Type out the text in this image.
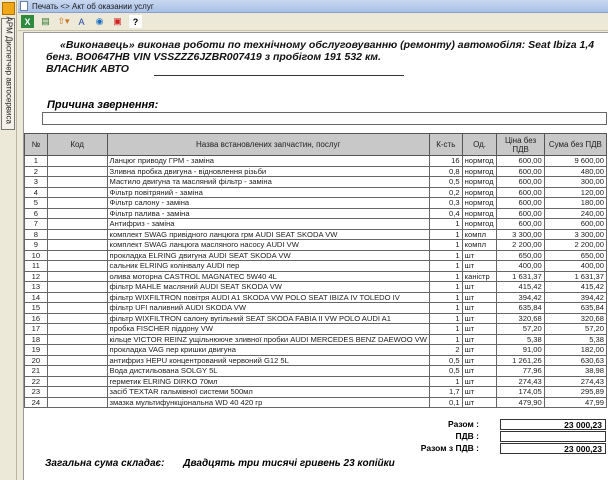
АРМ Диспетчер автосервиса
Печать <> Акт об оказании услуг
X	▤ ⇧▾ A	◉ ▣	?
«Виконавець» виконав роботи по технічному обслуговуванню (ремонту) автомобіля: Seat Ibiza 1,4
бенз. ВО0647НВ VIN VSSZZZ6JZBR007419 з пробігом 191 532 км.
ВЛАСНИК АВТО
Причина звернення:
№	Код	Назва встановлених запчастин, послуг	К-сть	Од.	Ціна без ПДВ	Сума без ПДВ
1		Ланцюг приводу ГРМ - заміна	16	нормгод	600,00	9 600,00
2		Зливна пробка двигуна - відновлення різьби	0,8	нормгод	600,00	480,00
3		Мастило двигуна та масляний фільтр - заміна	0,5	нормгод	600,00	300,00
4		Фільтр повітряний - заміна	0,2	нормгод	600,00	120,00
5		Фільтр салону - заміна	0,3	нормгод	600,00	180,00
6		Фільтр палива - заміна	0,4	нормгод	600,00	240,00
7		Антифриз - заміна	1	нормгод	600,00	600,00
8		комплект SWAG привідного ланцюга грм AUDI SEAT SKODA VW	1	компл	3 300,00	3 300,00
9		комплект SWAG ланцюга масляного насосу AUDI VW	1	компл	2 200,00	2 200,00
10		прокладка ELRING двигуна AUDI SEAT SKODA VW	1	шт	650,00	650,00
11		сальник ELRING колінвалу AUDI пер	1	шт	400,00	400,00
12		олива моторна CASTROL MAGNATEC 5W40 4L	1	каністр	1 631,37	1 631,37
13		фільтр MAHLE масляний AUDI SEAT SKODA VW	1	шт	415,42	415,42
14		фільтр WIXFILTRON повітря AUDI A1 SKODA VW POLO SEAT IBIZA IV TOLEDO IV	1	шт	394,42	394,42
15		фільтр UFI паливний AUDI SKODA VW	1	шт	635,84	635,84
16		фільтр WIXFILTRON салону вугільний SEAT SKODA FABIA II VW POLO AUDI A1	1	шт	320,68	320,68
17		пробка FISCHER піддону VW	1	шт	57,20	57,20
18		кільце VICTOR REINZ ущільнююче зливної пробки AUDI MERCEDES BENZ DAEWOO VW	1	шт	5,38	5,38
19		прокладка VAG пер кришки двигуна	2	шт	91,00	182,00
20		антифриз HEPU концентрований червоний G12 5L	0,5	шт	1 261,26	630,63
21		Вода дистильована SOLGY 5L	0,5	шт	77,96	38,98
22		герметик ELRING DIRKO 70мл	1	шт	274,43	274,43
23		засіб TEXTAR гальмівної системи 500мл	1,7	шт	174,05	295,89
24		змазка мультифункціональна WD 40 420 гр	0,1	шт	479,90	47,99
Разом :	23 000,23
ПДВ :
Разом з ПДВ :	23 000,23
Загальна сума складає: Двадцять три тисячі гривень 23 копійки
